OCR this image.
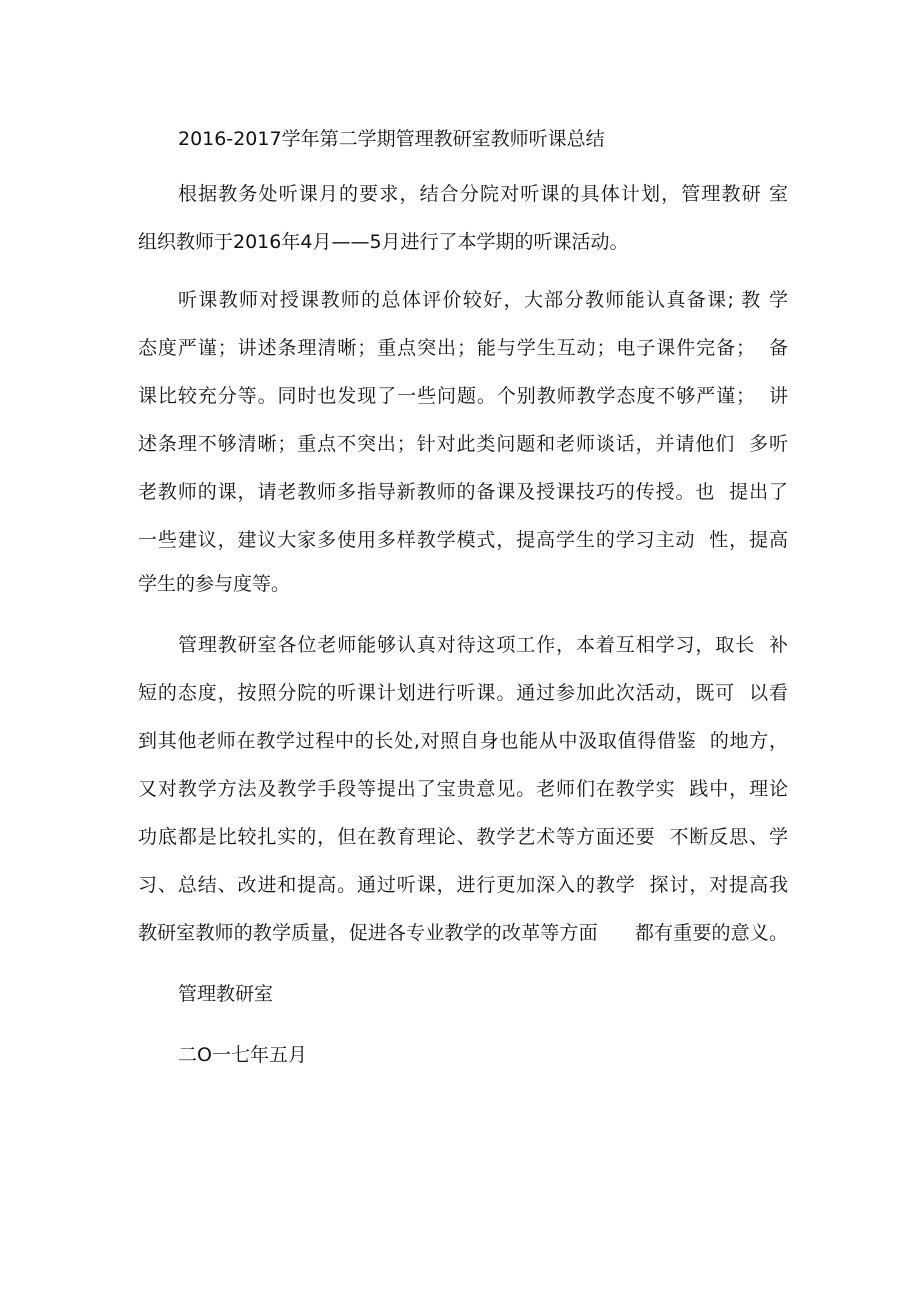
2016-2017学年第二学期管理教研室教师听课总结

根据教务处听课月的要求，结合分院对听课的具体计划，管理教研 室

组织教师于2016年4月——5月进行了本学期的听课活动。

听课教师对授课教师的总体评价较好，大部分教师能认真备课; 教 学

态度严谨；讲述条理清晰；重点突出；能与学生互动；电子课件完备；  备

课比较充分等。同时也发现了一些问题。个别教师教学态度不够严谨；  讲

述条理不够清晰；重点不突出；针对此类问题和老师谈话，并请他们  多听

老教师的课，请老教师多指导新教师的备课及授课技巧的传授。也  提出了

一些建议，建议大家多使用多样教学模式，提高学生的学习主动  性，提高

学生的参与度等。

管理教研室各位老师能够认真对待这项工作，本着互相学习，取长  补

短的态度，按照分院的听课计划进行听课。通过参加此次活动，既可  以看

到其他老师在教学过程中的长处,对照自身也能从中汲取值得借鉴  的地方，

又对教学方法及教学手段等提出了宝贵意见。老师们在教学实  践中，理论

功底都是比较扎实的，但在教育理论、教学艺术等方面还要  不断反思、学

习、总结、改进和提高。通过听课，进行更加深入的教学  探讨，对提高我

教研室教师的教学质量，促进各专业教学的改革等方面      都有重要的意义。

管理教研室

二O一七年五月
